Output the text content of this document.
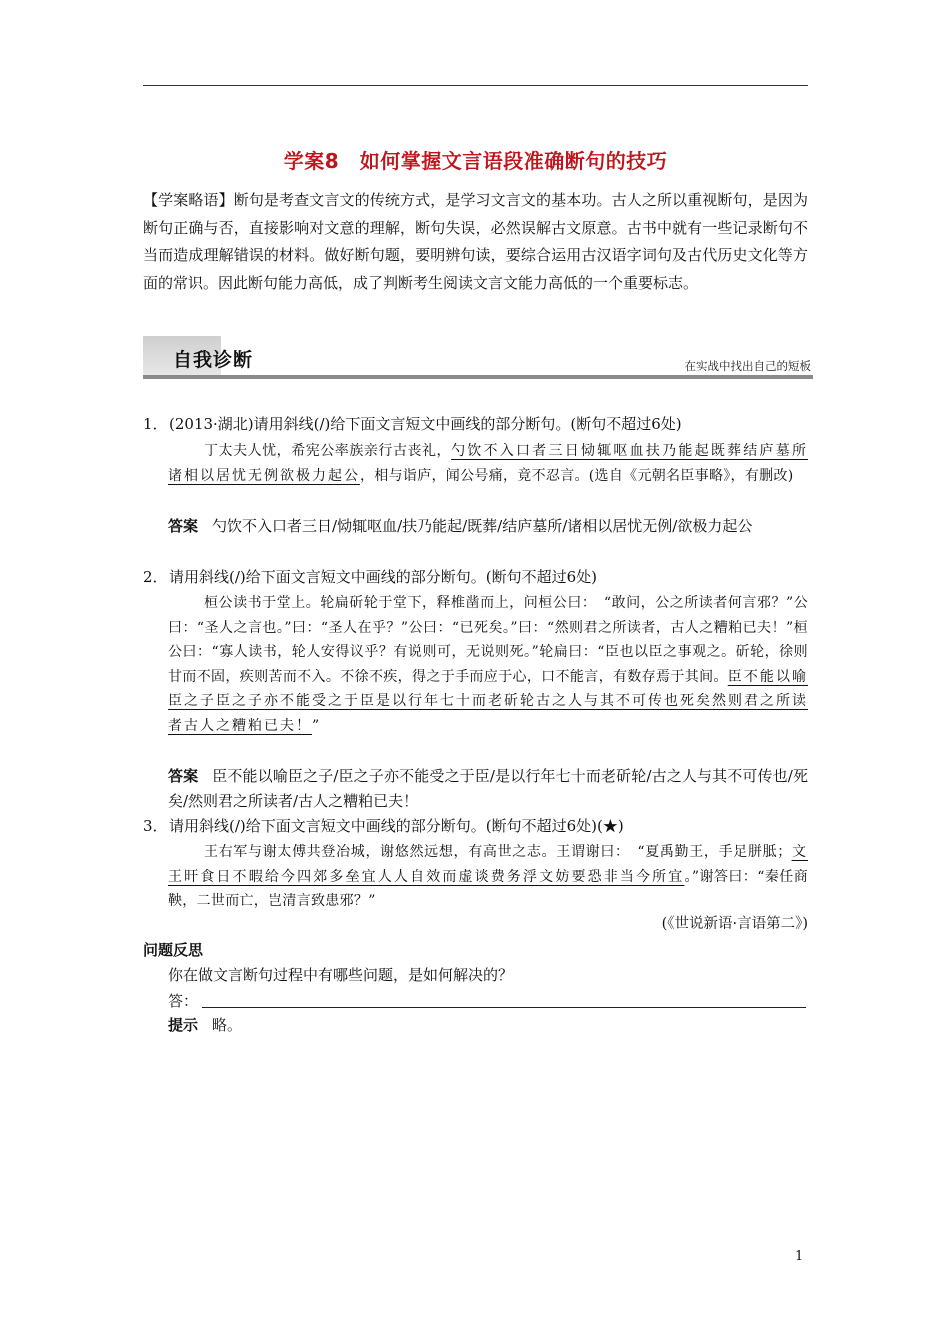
学案8　如何掌握文言语段准确断句的技巧
【学案略语】断句是考查文言文的传统方式，是学习文言文的基本功。古人之所以重视断句，是因为断句正确与否，直接影响对文意的理解，断句失误，必然误解古文原意。古书中就有一些记录断句不当而造成理解错误的材料。做好断句题，要明辨句读，要综合运用古汉语字词句及古代历史文化等方面的常识。因此断句能力高低，成了判断考生阅读文言文能力高低的一个重要标志。
自我诊断	在实战中找出自己的短板
1．(2013·湖北)请用斜线(/)给下面文言短文中画线的部分断句。(断句不超过6处)
丁太夫人忧，希宪公率族亲行古丧礼，勺饮不入口者三日恸辄呕血扶乃能起既葬结庐墓所诸相以居忧无例欲极力起公，相与诣庐，闻公号痛，竟不忍言。(选自《元朝名臣事略》，有删改)
答案 勺饮不入口者三日/恸辄呕血/扶乃能起/既葬/结庐墓所/诸相以居忧无例/欲极力起公
2．请用斜线(/)给下面文言短文中画线的部分断句。(断句不超过6处)
桓公读书于堂上。轮扁斫轮于堂下，释椎凿而上，问桓公曰：　“敢问，公之所读者何言邪？”公曰：“圣人之言也。”曰：“圣人在乎？”公曰：“已死矣。”曰：“然则君之所读者，古人之糟粕已夫！”桓公曰：“寡人读书，轮人安得议乎？有说则可，无说则死。”轮扁曰：“臣也以臣之事观之。斫轮，徐则甘而不固，疾则苦而不入。不徐不疾，得之于手而应于心，口不能言，有数存焉于其间。臣不能以喻臣之子臣之子亦不能受之于臣是以行年七十而老斫轮古之人与其不可传也死矣然则君之所读者古人之糟粕已夫！”
答案 臣不能以喻臣之子/臣之子亦不能受之于臣/是以行年七十而老斫轮/古之人与其不可传也/死矣/然则君之所读者/古人之糟粕已夫！
3．请用斜线(/)给下面文言短文中画线的部分断句。(断句不超过6处)(★)
王右军与谢太傅共登冶城，谢悠然远想，有高世之志。王谓谢曰：　“夏禹勤王，手足胼胝；文王旰食日不暇给今四郊多垒宜人人自效而虚谈费务浮文妨要恐非当今所宜。”谢答曰：“秦任商鞅，二世而亡，岂清言致患邪？”
(《世说新语·言语第二》)
问题反思
你在做文言断句过程中有哪些问题，是如何解决的？
答：
提示 略。
1
